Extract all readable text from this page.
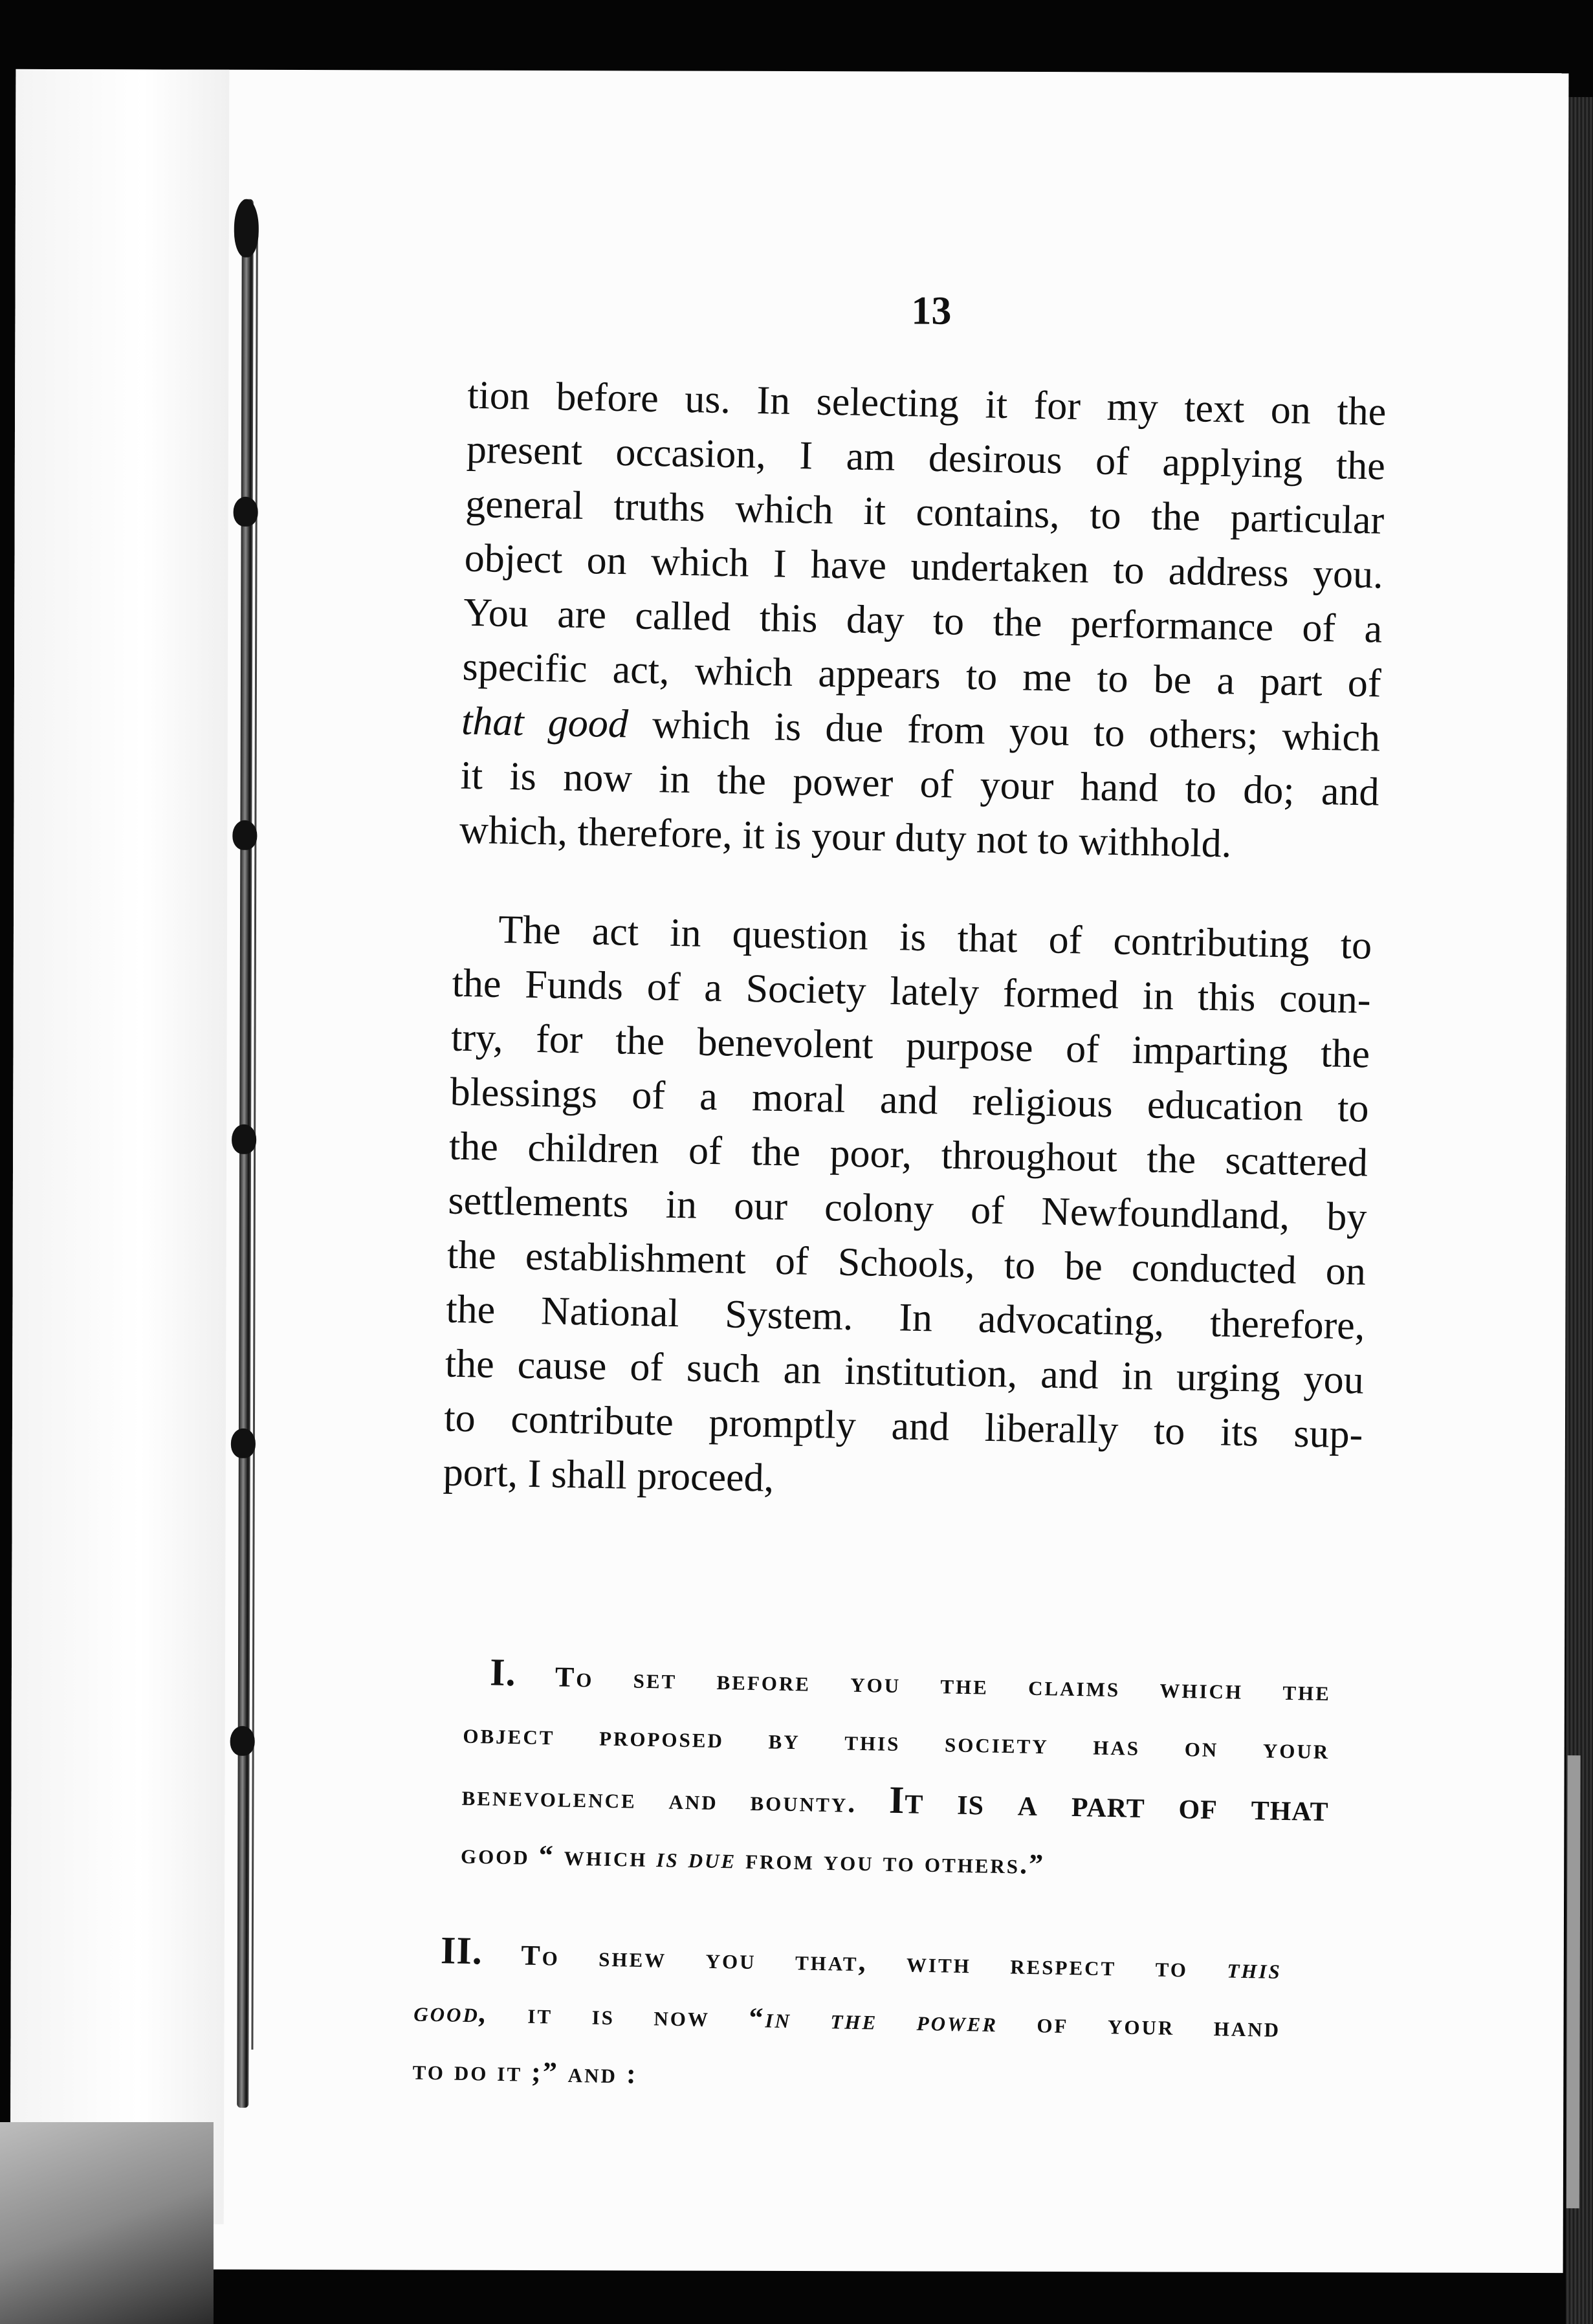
13

tion before us. In selecting it for my text on the
present occasion, I am desirous of applying the
general truths which it contains, to the particular
object on which I have undertaken to address you.
You are called this day to the performance of a
specific act, which appears to me to be a part of
that good which is due from you to others; which
it is now in the power of your hand to do; and
which, therefore, it is your duty not to withhold.

The act in question is that of contributing to
the Funds of a Society lately formed in this coun-
try, for the benevolent purpose of imparting the
blessings of a moral and religious education to
the children of the poor, throughout the scattered
settlements in our colony of Newfoundland, by
the establishment of Schools, to be conducted on
the National System. In advocating, therefore,
the cause of such an institution, and in urging you
to contribute promptly and liberally to its sup-
port, I shall proceed,

I. To set before you the claims which the
object proposed by this society has on your
benevolence and bounty. It is a part of that
good “ which is due from you to others.”
II. To shew you that, with respect to this
good, it is now “in the power of your hand
to do it ;” and :
